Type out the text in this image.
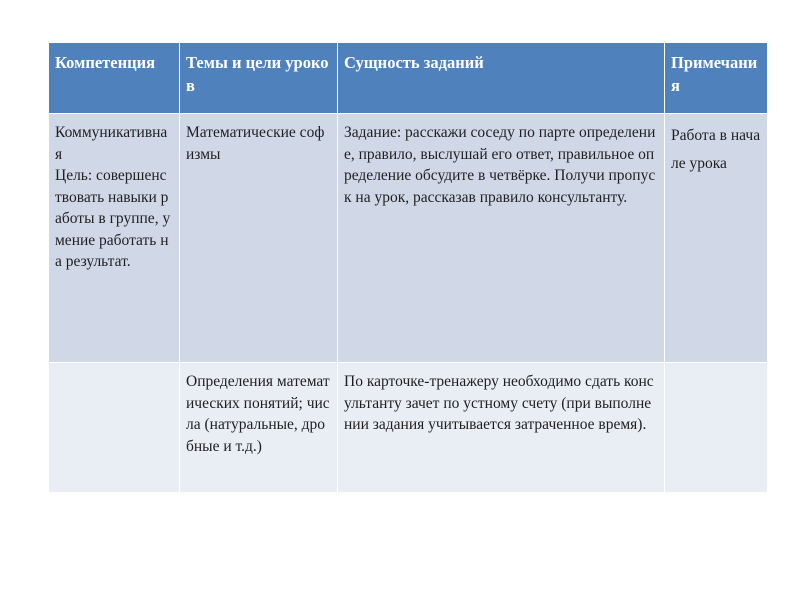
Компетенция	Темы и цели уроков	Сущность заданий	Примечания

Коммуникативная
Цель: совершенствовать навыки работы в группе, умение работать на результат.	Математические софизмы	Задание: расскажи соседу по парте определение, правило, выслушай его ответ, правильное определение обсудите в четвёрке. Получи пропуск на урок, рассказав правило консультанту.	Работа в начале урока

	Определения математических понятий; числа (натуральные, дробные и т.д.)	По карточке-тренажеру необходимо сдать консультанту зачет по устному счету (при выполнении задания учитывается затраченное время).	
